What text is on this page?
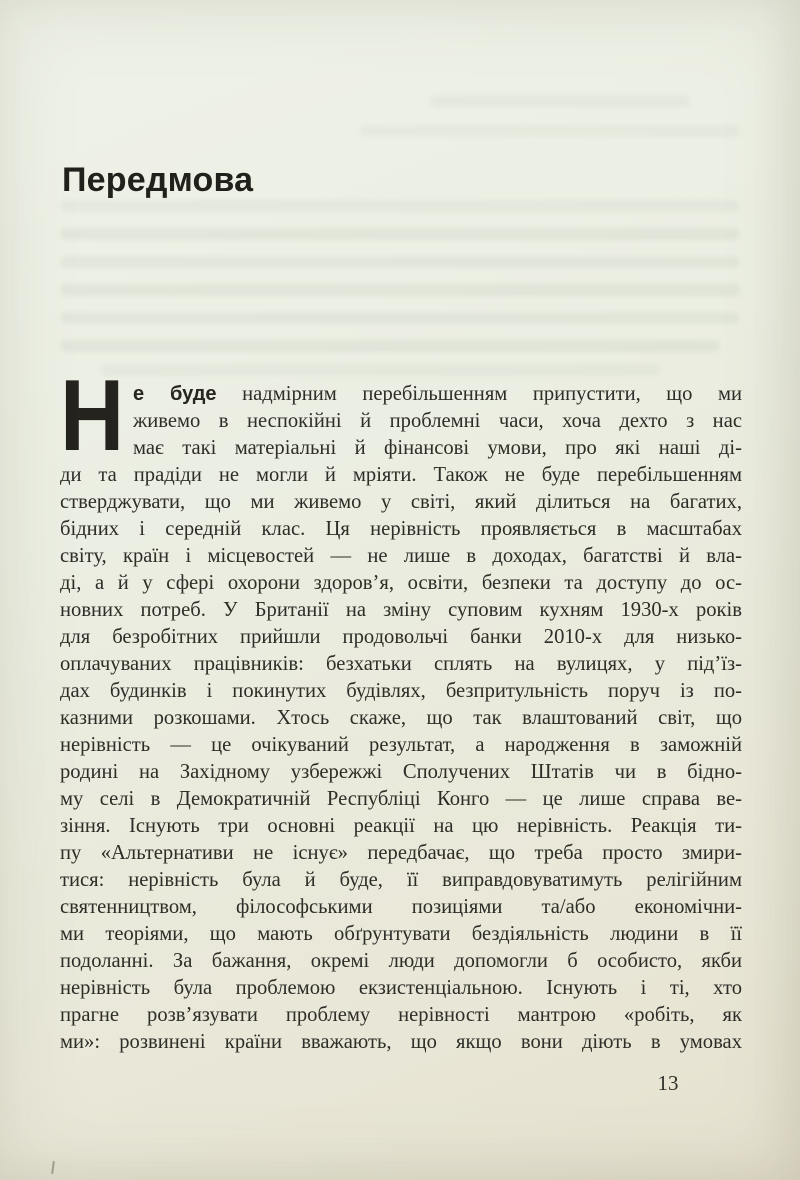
Передмова
Н е буде надмірним перебільшенням припустити, що ми
живемо в неспокійні й проблемні часи, хоча дехто з нас
має такі матеріальні й фінансові умови, про які наші ді-
ди та прадіди не могли й мріяти. Також не буде перебільшенням
стверджувати, що ми живемо у світі, який ділиться на багатих,
бідних і середній клас. Ця нерівність проявляється в масштабах
світу, країн і місцевостей — не лише в доходах, багатстві й вла-
ді, а й у сфері охорони здоров’я, освіти, безпеки та доступу до ос-
новних потреб. У Британії на зміну суповим кухням 1930-х років
для безробітних прийшли продовольчі банки 2010-х для низько-
оплачуваних працівників: безхатьки сплять на вулицях, у під’їз-
дах будинків і покинутих будівлях, безпритульність поруч із по-
казними розкошами. Хтось скаже, що так влаштований світ, що
нерівність — це очікуваний результат, а народження в заможній
родині на Західному узбережжі Сполучених Штатів чи в бідно-
му селі в Демократичній Республіці Конго — це лише справа ве-
зіння. Існують три основні реакції на цю нерівність. Реакція ти-
пу «Альтернативи не існує» передбачає, що треба просто змири-
тися: нерівність була й буде, її виправдовуватимуть релігійним
святенництвом, філософськими позиціями та/або економічни-
ми теоріями, що мають обґрунтувати бездіяльність людини в її
подоланні. За бажання, окремі люди допомогли б особисто, якби
нерівність була проблемою екзистенціальною. Існують і ті, хто
прагне розв’язувати проблему нерівності мантрою «робіть, як
ми»: розвинені країни вважають, що якщо вони діють в умовах
13
